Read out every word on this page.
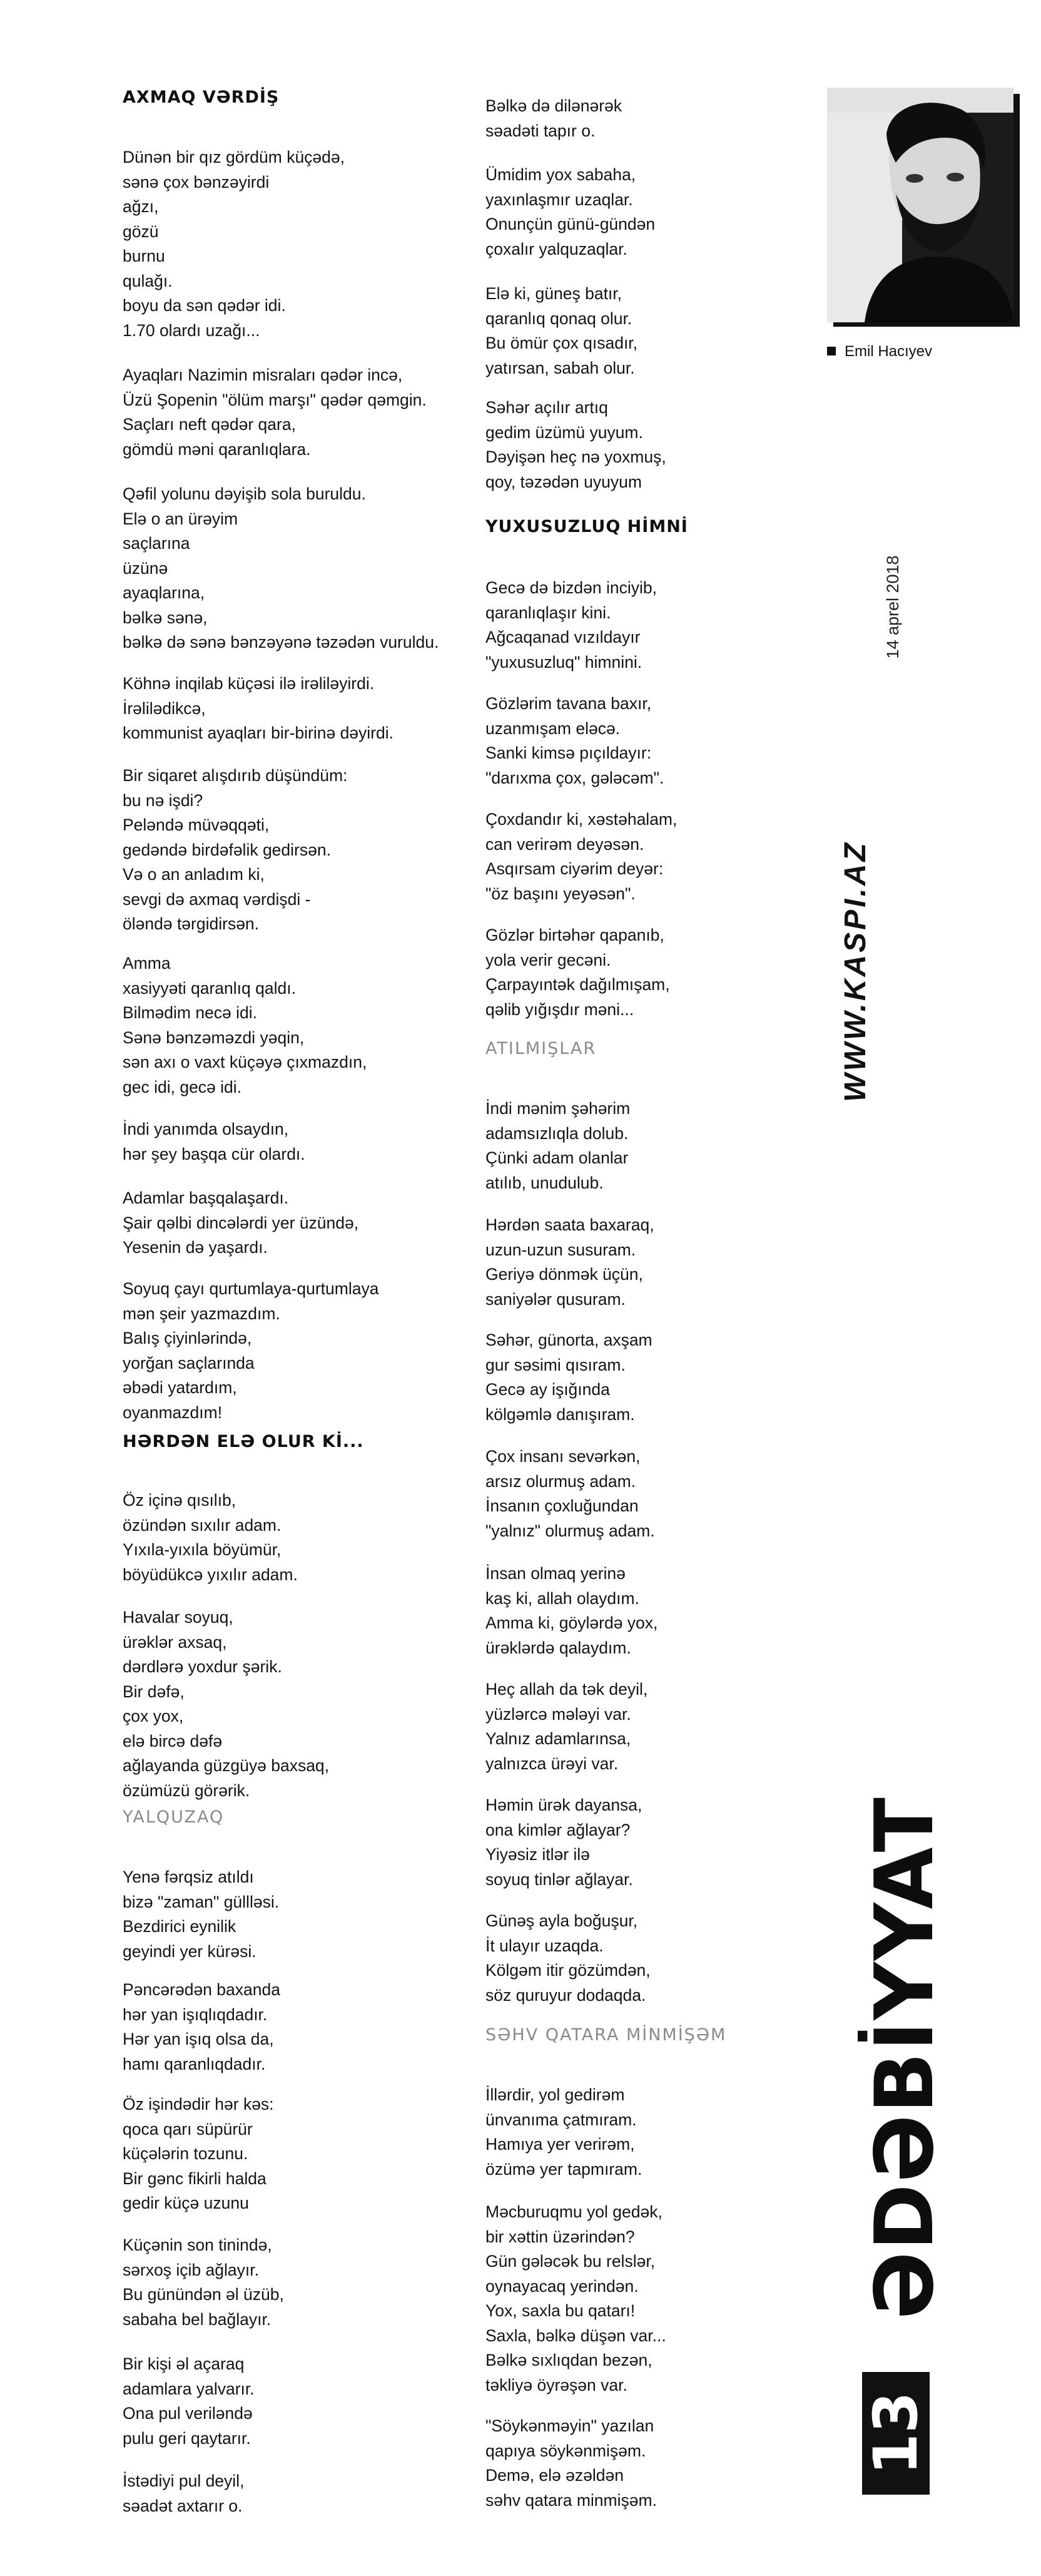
AXMAQ VƏRDİŞ

Dünən bir qız gördüm küçədə,
sənə çox bənzəyirdi
ağzı,
gözü
burnu
qulağı.
boyu da sən qədər idi.
1.70 olardı uzağı...

Ayaqları Nazimin misraları qədər incə,
Üzü Şopenin "ölüm marşı" qədər qəmgin.
Saçları neft qədər qara,
gömdü məni qaranlıqlara.

Qəfil yolunu dəyişib sola buruldu.
Elə o an ürəyim
saçlarına
üzünə
ayaqlarına,
bəlkə sənə,
bəlkə də sənə bənzəyənə təzədən vuruldu.

Köhnə inqilab küçəsi ilə irəliləyirdi.
İrəlilədikcə,
kommunist ayaqları bir-birinə dəyirdi.

Bir siqaret alışdırıb düşündüm:
bu nə işdi?
Peləndə müvəqqəti,
gedəndə birdəfəlik gedirsən.
Və o an anladım ki,
sevgi də axmaq vərdişdi -
öləndə tərgidirsən.

Amma
xasiyyəti qaranlıq qaldı.
Bilmədim necə idi.
Sənə bənzəməzdi yəqin,
sən axı o vaxt küçəyə çıxmazdın,
gec idi, gecə idi.

İndi yanımda olsaydın,
hər şey başqa cür olardı.

Adamlar başqalaşardı.
Şair qəlbi dincələrdi yer üzündə,
Yesenin də yaşardı.

Soyuq çayı qurtumlaya-qurtumlaya
mən şeir yazmazdım.
Balış çiyinlərində,
yorğan saçlarında
əbədi yatardım,
oyanmazdım!

HƏRDƏN ELƏ OLUR Kİ...

Öz içinə qısılıb,
özündən sıxılır adam.
Yıxıla-yıxıla böyümür,
böyüdükcə yıxılır adam.

Havalar soyuq,
ürəklər axsaq,
dərdlərə yoxdur şərik.
Bir dəfə,
çox yox,
elə bircə dəfə
ağlayanda güzgüyə baxsaq,
özümüzü görərik.

YALQUZAQ

Yenə fərqsiz atıldı
bizə "zaman" güllləsi.
Bezdirici eynilik
geyindi yer kürəsi.

Pəncərədən baxanda
hər yan işıqlıqdadır.
Hər yan işıq olsa da,
hamı qaranlıqdadır.

Öz işindədir hər kəs:
qoca qarı süpürür
küçələrin tozunu.
Bir gənc fikirli halda
gedir küçə uzunu

Küçənin son tinində,
sərxoş içib ağlayır.
Bu günündən əl üzüb,
sabaha bel bağlayır.

Bir kişi əl açaraq
adamlara yalvarır.
Ona pul veriləndə
pulu geri qaytarır.

İstədiyi pul deyil,
səadət axtarır o.

Bəlkə də dilənərək
səadəti tapır o.

Ümidim yox sabaha,
yaxınlaşmır uzaqlar.
Onunçün günü-gündən
çoxalır yalquzaqlar.

Elə ki, güneş batır,
qaranlıq qonaq olur.
Bu ömür çox qısadır,
yatırsan, sabah olur.

Səhər açılır artıq
gedim üzümü yuyum.
Dəyişən heç nə yoxmuş,
qoy, təzədən uyuyum

YUXUSUZLUQ HİMNİ

Gecə də bizdən inciyib,
qaranlıqlaşır kini.
Ağcaqanad vızıldayır
"yuxusuzluq" himnini.

Gözlərim tavana baxır,
uzanmışam eləcə.
Sanki kimsə pıçıldayır:
"darıxma çox, gələcəm".

Çoxdandır ki, xəstəhalam,
can verirəm deyəsən.
Asqırsam ciyərim deyər:
"öz başını yeyəsən".

Gözlər birtəhər qapanıb,
yola verir gecəni.
Çarpayıntək dağılmışam,
qəlib yığışdır məni...

ATILMIŞLAR

İndi mənim şəhərim
adamsızlıqla dolub.
Çünki adam olanlar
atılıb, unudulub.

Hərdən saata baxaraq,
uzun-uzun susuram.
Geriyə dönmək üçün,
saniyələr qusuram.

Səhər, günorta, axşam
gur səsimi qısıram.
Gecə ay işığında
kölgəmlə danışıram.

Çox insanı sevərkən,
arsız olurmuş adam.
İnsanın çoxluğundan
"yalnız" olurmuş adam.

İnsan olmaq yerinə
kaş ki, allah olaydım.
Amma ki, göylərdə yox,
ürəklərdə qalaydım.

Heç allah da tək deyil,
yüzlərcə mələyi var.
Yalnız adamlarınsa,
yalnızca ürəyi var.

Həmin ürək dayansa,
ona kimlər ağlayar?
Yiyəsiz itlər ilə
soyuq tinlər ağlayar.

Günəş ayla boğuşur,
İt ulayır uzaqda.
Kölgəm itir gözümdən,
söz quruyur dodaqda.

SƏHV QATARA MİNMİŞƏM

İllərdir, yol gedirəm
ünvanıma çatmıram.
Hamıya yer verirəm,
özümə yer tapmıram.

Məcburuqmu yol gedək,
bir xəttin üzərindən?
Gün gələcək bu relslər,
oynayacaq yerindən.
Yox, saxla bu qatarı!
Saxla, bəlkə düşən var...
Bəlkə sıxlıqdan bezən,
təkliyə öyrəşən var.

"Söykənməyin" yazılan
qapıya söykənmişəm.
Demə, elə əzəldən
səhv qatara minmişəm.

Emil Hacıyev
14 aprel 2018
WWW.KASPI.AZ
ƏDƏBİYYAT
13
